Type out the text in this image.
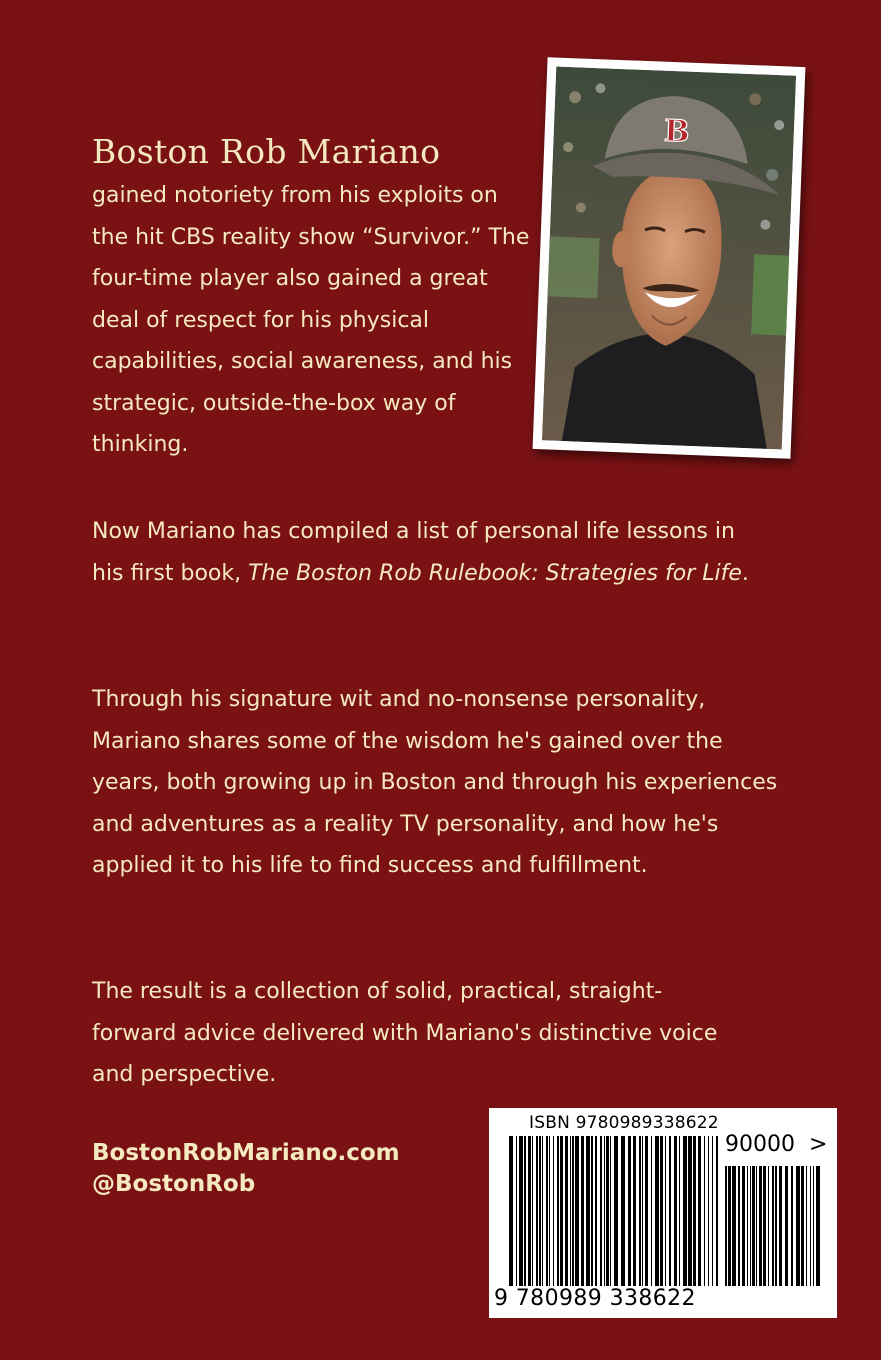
B
Boston Rob Mariano

gained notoriety from his exploits on the hit CBS reality show “Survivor.” The four-time player also gained a great deal of respect for his physical capabilities, social awareness, and his strategic, outside-the-box way of thinking.

Now Mariano has compiled a list of personal life lessons in his first book, The Boston Rob Rulebook: Strategies for Life.

Through his signature wit and no-nonsense personality, Mariano shares some of the wisdom he's gained over the years, both growing up in Boston and through his experiences and adventures as a reality TV personality, and how he's applied it to his life to find success and fulfillment.

The result is a collection of solid, practical, straight-forward advice delivered with Mariano's distinctive voice and perspective.

BostonRobMariano.com
@BostonRob
ISBN 9780989338622
90000 >
9 780989 338622
